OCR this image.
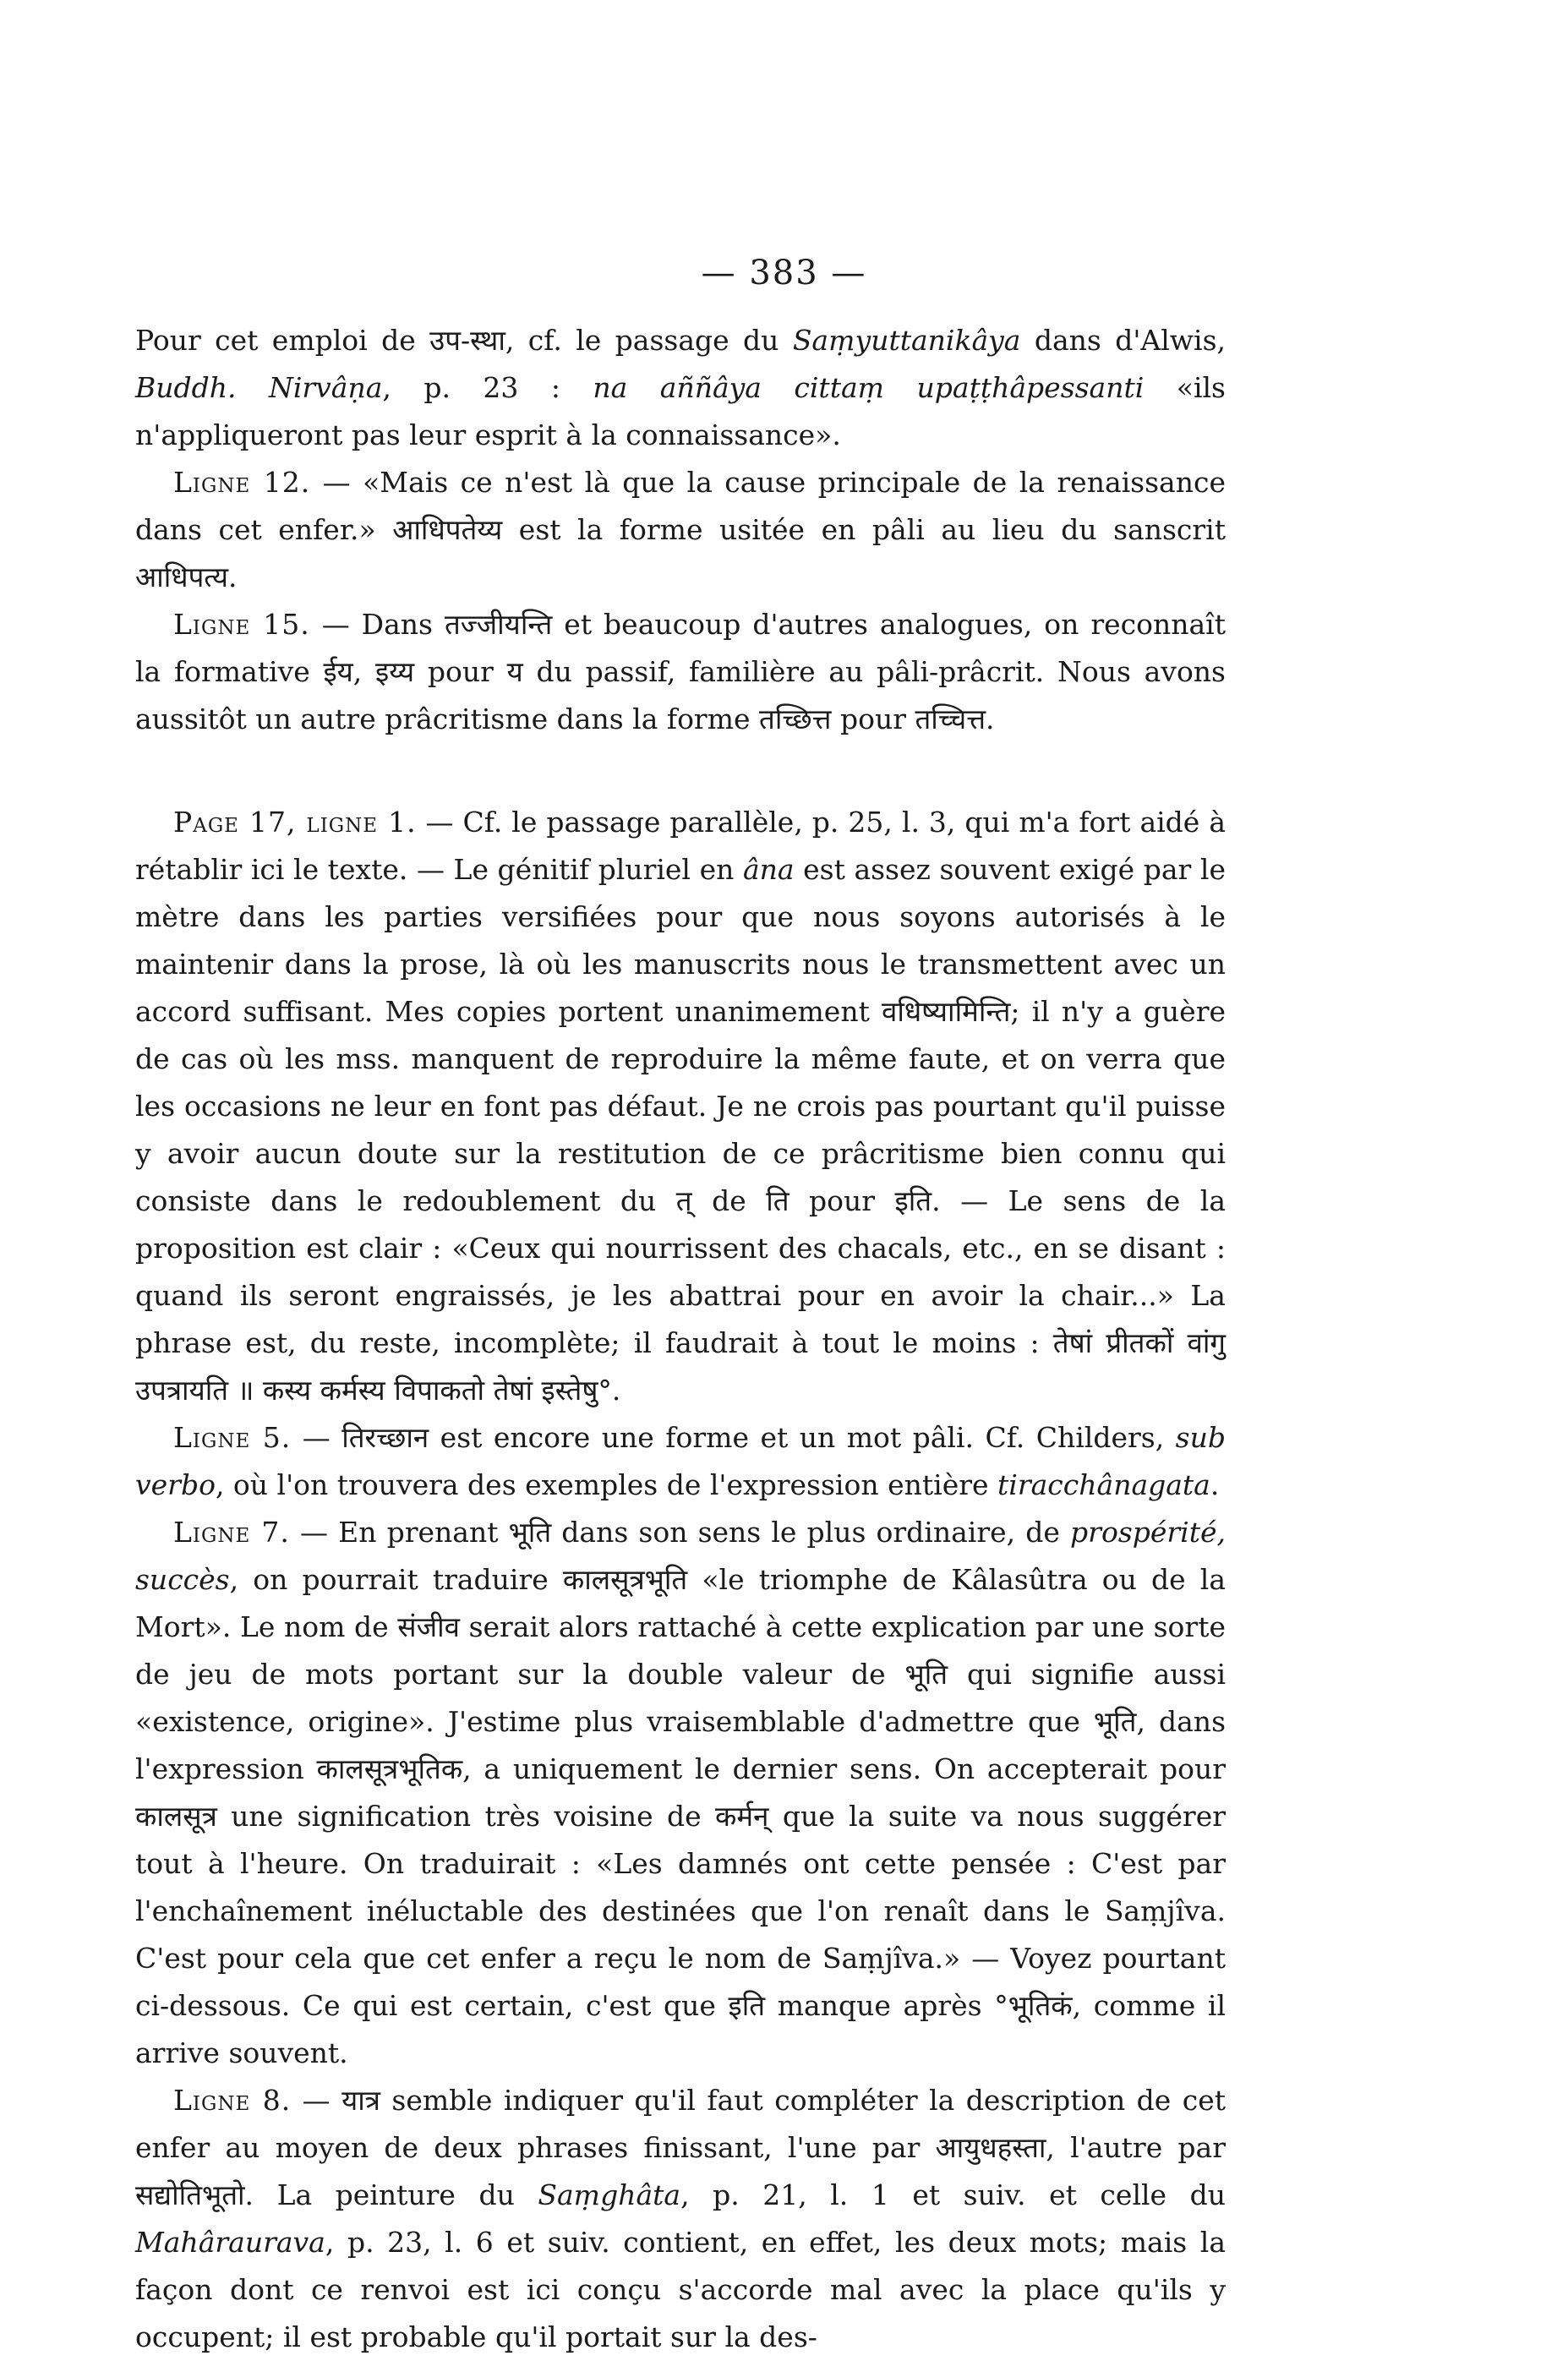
— 383 —

Pour cet emploi de उप-स्था, cf. le passage du Saṃyuttanikâya dans d'Alwis, Buddh. Nirvâṇa, p. 23 : na aññâya cittaṃ upaṭṭhâpessanti «ils n'appliqueront pas leur esprit à la connaissance».

Ligne 12. — «Mais ce n'est là que la cause principale de la renaissance dans cet enfer.» आधिपतेय्य est la forme usitée en pâli au lieu du sanscrit आधिपत्य.

Ligne 15. — Dans तज्जीयन्ति et beaucoup d'autres analogues, on reconnaît la formative ईय, इय्य pour य du passif, familière au pâli-prâcrit. Nous avons aussitôt un autre prâcritisme dans la forme तच्छित्त pour तच्चित्त.

Page 17, ligne 1. — Cf. le passage parallèle, p. 25, l. 3, qui m'a fort aidé à rétablir ici le texte. — Le génitif pluriel en âna est assez souvent exigé par le mètre dans les parties versifiées pour que nous soyons autorisés à le maintenir dans la prose, là où les manuscrits nous le transmettent avec un accord suffisant. Mes copies portent unanimement वधिष्यामिन्ति; il n'y a guère de cas où les mss. manquent de reproduire la même faute, et on verra que les occasions ne leur en font pas défaut. Je ne crois pas pourtant qu'il puisse y avoir aucun doute sur la restitution de ce prâcritisme bien connu qui consiste dans le redoublement du त् de ति pour इति. — Le sens de la proposition est clair : «Ceux qui nourrissent des chacals, etc., en se disant : quand ils seront engraissés, je les abattrai pour en avoir la chair...» La phrase est, du reste, incomplète; il faudrait à tout le moins : तेषां प्रीतकों वांगु उपत्रायति ॥ कस्य कर्मस्य विपाकतो तेषां इस्तेषु°.

Ligne 5. — तिरच्छान est encore une forme et un mot pâli. Cf. Childers, sub verbo, où l'on trouvera des exemples de l'expression entière tiracchânagata.

Ligne 7. — En prenant भूति dans son sens le plus ordinaire, de prospérité, succès, on pourrait traduire कालसूत्रभूति «le triomphe de Kâlasûtra ou de la Mort». Le nom de संजीव serait alors rattaché à cette explication par une sorte de jeu de mots portant sur la double valeur de भूति qui signifie aussi «existence, origine». J'estime plus vraisemblable d'admettre que भूति, dans l'expression कालसूत्रभूतिक, a uniquement le dernier sens. On accepterait pour कालसूत्र une signification très voisine de कर्मन् que la suite va nous suggérer tout à l'heure. On traduirait : «Les damnés ont cette pensée : C'est par l'enchaînement inéluctable des destinées que l'on renaît dans le Saṃjîva. C'est pour cela que cet enfer a reçu le nom de Saṃjîva.» — Voyez pourtant ci-dessous. Ce qui est certain, c'est que इति manque après °भूतिकं, comme il arrive souvent.

Ligne 8. — यात्र semble indiquer qu'il faut compléter la description de cet enfer au moyen de deux phrases finissant, l'une par आयुधहस्ता, l'autre par सद्योतिभूतो. La peinture du Saṃghâta, p. 21, l. 1 et suiv. et celle du Mahâraurava, p. 23, l. 6 et suiv. contient, en effet, les deux mots; mais la façon dont ce renvoi est ici conçu s'accorde mal avec la place qu'ils y occupent; il est probable qu'il portait sur la des-
